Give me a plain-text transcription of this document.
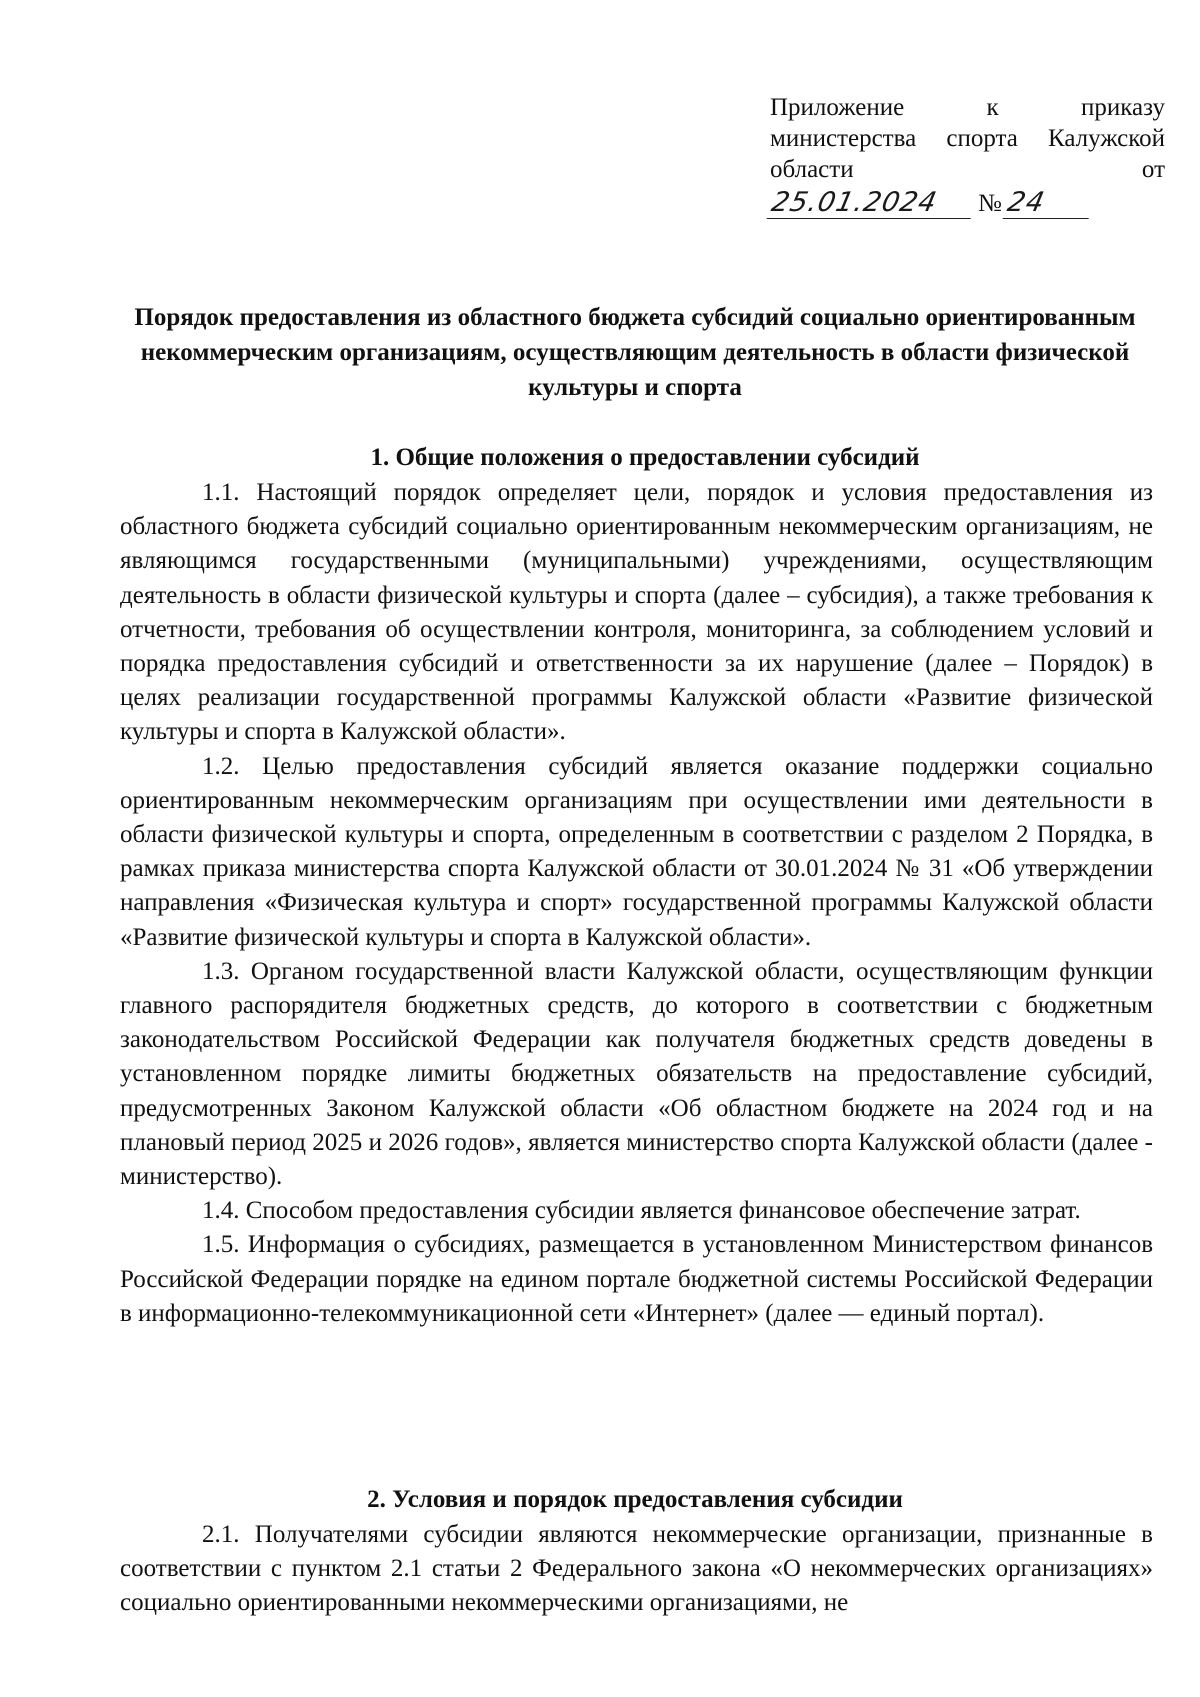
Приложение к приказу
министерства спорта Калужской
области от
25.01.2024 № 24
Порядок предоставления из областного бюджета субсидий социально ориентированным некоммерческим организациям, осуществляющим деятельность в области физической культуры и спорта
1. Общие положения о предоставлении субсидий

1.1. Настоящий порядок определяет цели, порядок и условия предоставления из областного бюджета субсидий социально ориентированным некоммерческим организациям, не являющимся государственными (муниципальными) учреждениями, осуществляющим деятельность в области физической культуры и спорта (далее – субсидия), а также требования к отчетности, требования об осуществлении контроля, мониторинга, за соблюдением условий и порядка предоставления субсидий и ответственности за их нарушение (далее – Порядок) в целях реализации государственной программы Калужской области «Развитие физической культуры и спорта в Калужской области».

1.2. Целью предоставления субсидий является оказание поддержки социально ориентированным некоммерческим организациям при осуществлении ими деятельности в области физической культуры и спорта, определенным в соответствии с разделом 2 Порядка, в рамках приказа министерства спорта Калужской области от 30.01.2024 № 31 «Об утверждении направления «Физическая культура и спорт» государственной программы Калужской области «Развитие физической культуры и спорта в Калужской области».

1.3. Органом государственной власти Калужской области, осуществляющим функции главного распорядителя бюджетных средств, до которого в соответствии с бюджетным законодательством Российской Федерации как получателя бюджетных средств доведены в установленном порядке лимиты бюджетных обязательств на предоставление субсидий, предусмотренных Законом Калужской области «Об областном бюджете на 2024 год и на плановый период 2025 и 2026 годов», является министерство спорта Калужской области (далее - министерство).

1.4. Способом предоставления субсидии является финансовое обеспечение затрат.

1.5. Информация о субсидиях, размещается в установленном Министерством финансов Российской Федерации порядке на едином портале бюджетной системы Российской Федерации в информационно-телекоммуникационной сети «Интернет» (далее — единый портал).

2. Условия и порядок предоставления субсидии

2.1. Получателями субсидии являются некоммерческие организации, признанные в соответствии с пунктом 2.1 статьи 2 Федерального закона «О некоммерческих организациях» социально ориентированными некоммерческими организациями, не
